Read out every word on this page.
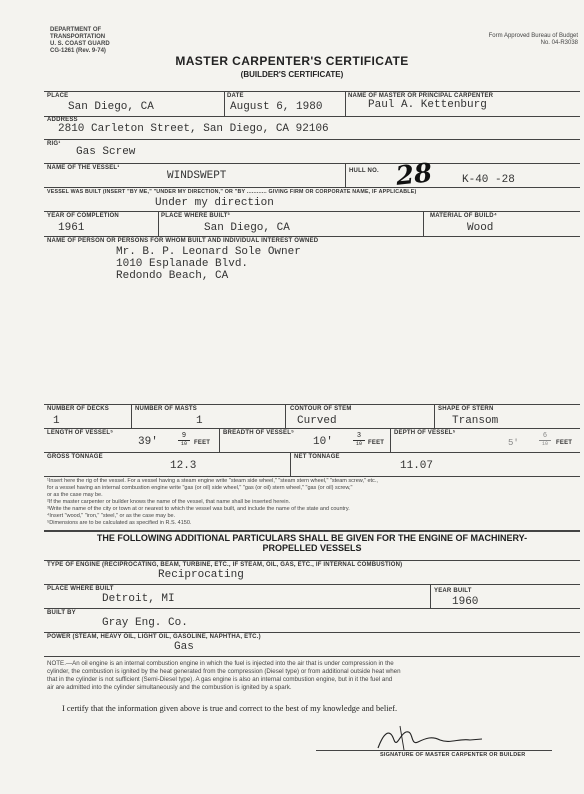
DEPARTMENT OF
TRANSPORTATION
U. S. COAST GUARD
CG-1261 (Rev. 9-74)
Form Approved Bureau of Budget
No. 04-R3038
MASTER CARPENTER'S CERTIFICATE
(BUILDER'S CERTIFICATE)
PLACE
San Diego, CA
DATE
August 6, 1980
NAME OF MASTER OR PRINCIPAL CARPENTER
Paul A. Kettenburg
ADDRESS
2810 Carleton Street, San Diego, CA 92106
RIG¹
Gas Screw
NAME OF THE VESSEL¹
WINDSWEPT	HULL NO. 28	K-40 -28
VESSEL WAS BUILT (INSERT "BY ME," "UNDER MY DIRECTION," OR "BY ............ GIVING FIRM OR CORPORATE NAME, IF APPLICABLE)
Under my direction
YEAR OF COMPLETION
1961
PLACE WHERE BUILT³
San Diego, CA
MATERIAL OF BUILD⁴
Wood
NAME OF PERSON OR PERSONS FOR WHOM BUILT AND INDIVIDUAL INTEREST OWNED
Mr. B. P. Leonard Sole Owner
1010 Esplanade Blvd.
Redondo Beach, CA
NUMBER OF DECKS
1
NUMBER OF MASTS
1
CONTOUR OF STEM
Curved
SHAPE OF STERN
Transom
LENGTH OF VESSEL⁵
39'	9
10	FEET
BREADTH OF VESSEL⁵
10'	3
10	FEET
DEPTH OF VESSEL⁵
5'
6
10	FEET
GROSS TONNAGE
12.3
NET TONNAGE
11.07
¹Insert here the rig of the vessel. For a vessel having a steam engine write "steam side wheel," "steam stern wheel," "steam screw," etc.,
for a vessel having an internal combustion engine write "gas (or oil) side wheel," "gas (or oil) stern wheel," "gas (or oil) screw,"
or as the case may be.
²If the master carpenter or builder knows the name of the vessel, that name shall be inserted herein.
³Write the name of the city or town at or nearest to which the vessel was built, and include the name of the state and country.
⁴Insert "wood," "iron," "steel," or as the case may be.
⁵Dimensions are to be calculated as specified in R.S. 4150.
THE FOLLOWING ADDITIONAL PARTICULARS SHALL BE GIVEN FOR THE ENGINE OF MACHINERY-
PROPELLED VESSELS
TYPE OF ENGINE (RECIPROCATING, BEAM, TURBINE, ETC., IF STEAM, OIL, GAS, ETC., IF INTERNAL COMBUSTION)
Reciprocating
PLACE WHERE BUILT
Detroit, MI
YEAR BUILT
1960
BUILT BY
Gray Eng. Co.
POWER (STEAM, HEAVY OIL, LIGHT OIL, GASOLINE, NAPHTHA, ETC.)
Gas
NOTE.—An oil engine is an internal combustion engine in which the fuel is injected into the air that is under compression in the
cylinder, the combustion is ignited by the heat generated from the compression (Diesel type) or from additional outside heat when
that in the cylinder is not sufficient (Semi-Diesel type). A gas engine is also an internal combustion engine, but in it the fuel and
air are admitted into the cylinder simultaneously and the combustion is ignited by a spark.
I certify that the information given above is true and correct to the best of my knowledge and belief.
SIGNATURE OF MASTER CARPENTER OR BUILDER
